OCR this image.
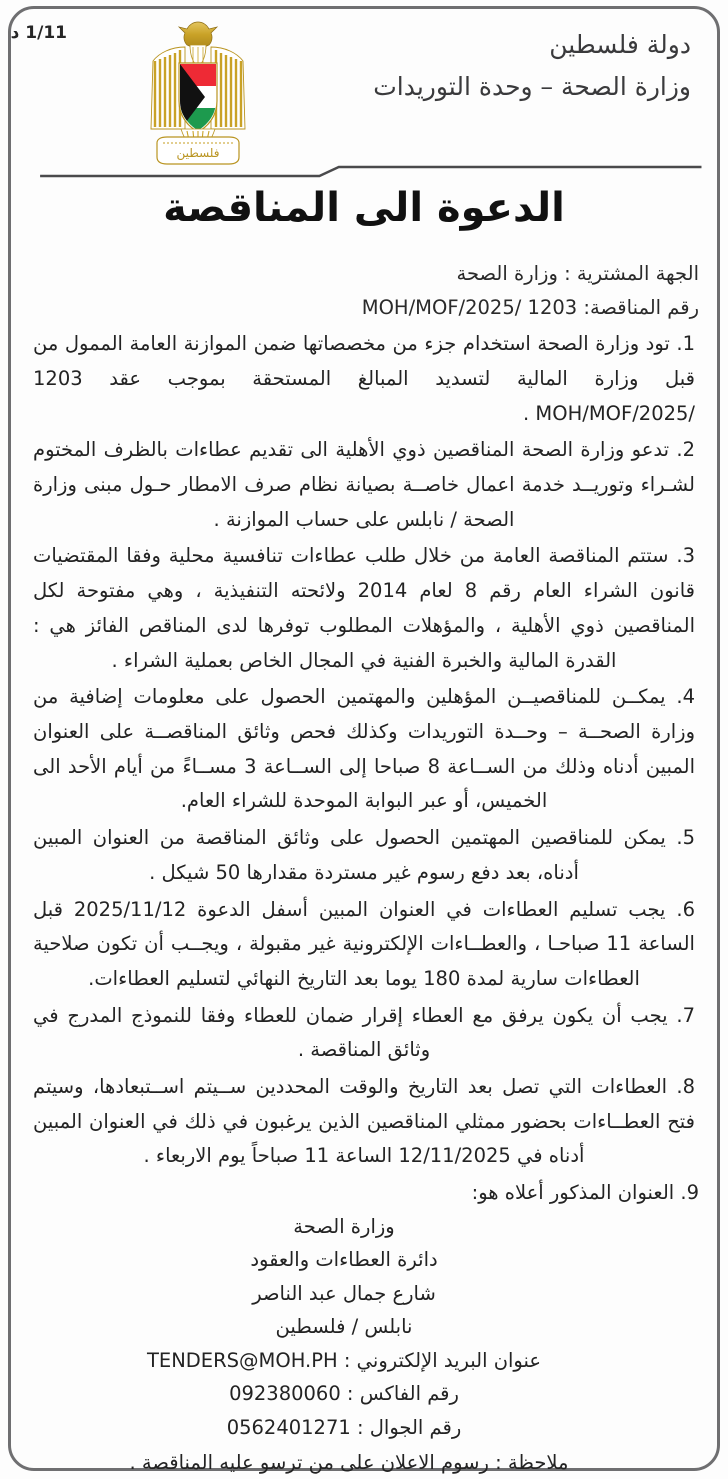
1/11 د	دولة فلسطين
وزارة الصحة – وحدة التوريدات
فلسطين
الدعوة الى المناقصة
الجهة المشترية : وزارة الصحة
رقم المناقصة: 1203 /MOH/MOF/2025
1. تود وزارة الصحة استخدام جزء من مخصصاتها ضمن الموازنة العامة الممول من قبل وزارة المالية لتسديد المبالغ المستحقة بموجب عقد 1203 /MOH/MOF/2025 .
2. تدعو وزارة الصحة المناقصين ذوي الأهلية الى تقديم عطاءات بالظرف المختوم لشـراء وتوريــد خدمة اعمال خاصــة بصيانة نظام صرف الامطار حـول مبنى وزارة الصحة / نابلس على حساب الموازنة .
3. ستتم المناقصة العامة من خلال طلب عطاءات تنافسية محلية وفقا المقتضيات قانون الشراء العام رقم 8 لعام 2014 ولائحته التنفيذية ، وهي مفتوحة لكل المناقصين ذوي الأهلية ، والمؤهلات المطلوب توفرها لدى المناقص الفائز هي : القدرة المالية والخبرة الفنية في المجال الخاص بعملية الشراء .
4. يمكــن للمناقصيــن المؤهلين والمهتمين الحصول على معلومات إضافية من وزارة الصحــة – وحــدة التوريدات وكذلك فحص وثائق المناقصــة على العنوان المبين أدناه وذلك من الســاعة 8 صباحا إلى الســاعة 3 مســاءً من أيام الأحد الى الخميس، أو عبر البوابة الموحدة للشراء العام.
5. يمكن للمناقصين المهتمين الحصول على وثائق المناقصة من العنوان المبين أدناه، بعد دفع رسوم غير مستردة مقدارها 50 شيكل .
6. يجب تسليم العطاءات في العنوان المبين أسفل الدعوة 2025/11/12 قبل الساعة 11 صباحـا ، والعطــاءات الإلكترونية غير مقبولة ، ويجــب أن تكون صلاحية العطاءات سارية لمدة 180 يوما بعد التاريخ النهائي لتسليم العطاءات.
7. يجب أن يكون يرفق مع العطاء إقرار ضمان للعطاء وفقا للنموذج المدرج في وثائق المناقصة .
8. العطاءات التي تصل بعد التاريخ والوقت المحددين ســيتم اســتبعادها، وسيتم فتح العطــاءات بحضور ممثلي المناقصين الذين يرغبون في ذلك في العنوان المبين أدناه في 12/11/2025 الساعة 11 صباحاً يوم الاربعاء .
9. العنوان المذكور أعلاه هو:
وزارة الصحة
دائرة العطاءات والعقود
شارع جمال عبد الناصر
نابلس / فلسطين
عنوان البريد الإلكتروني : TENDERS@MOH.PH
رقم الفاكس : 092380060
رقم الجوال : 0562401271
ملاحظة : رسوم الاعلان على من ترسو عليه المناقصة .
